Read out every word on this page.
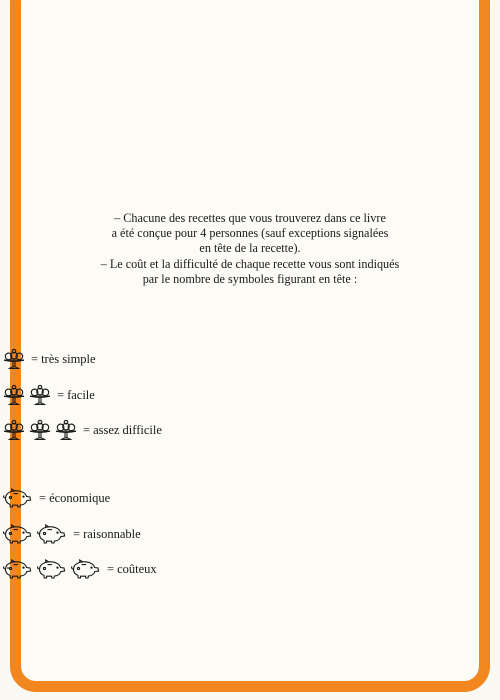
– Chacune des recettes que vous trouverez dans ce livre

a été conçue pour 4 personnes (sauf exceptions signalées

en tête de la recette).

– Le coût et la difficulté de chaque recette vous sont indiqués

par le nombre de symboles figurant en tête :

= très simple
= facile
= assez difficile
= économique
= raisonnable
= coûteux
